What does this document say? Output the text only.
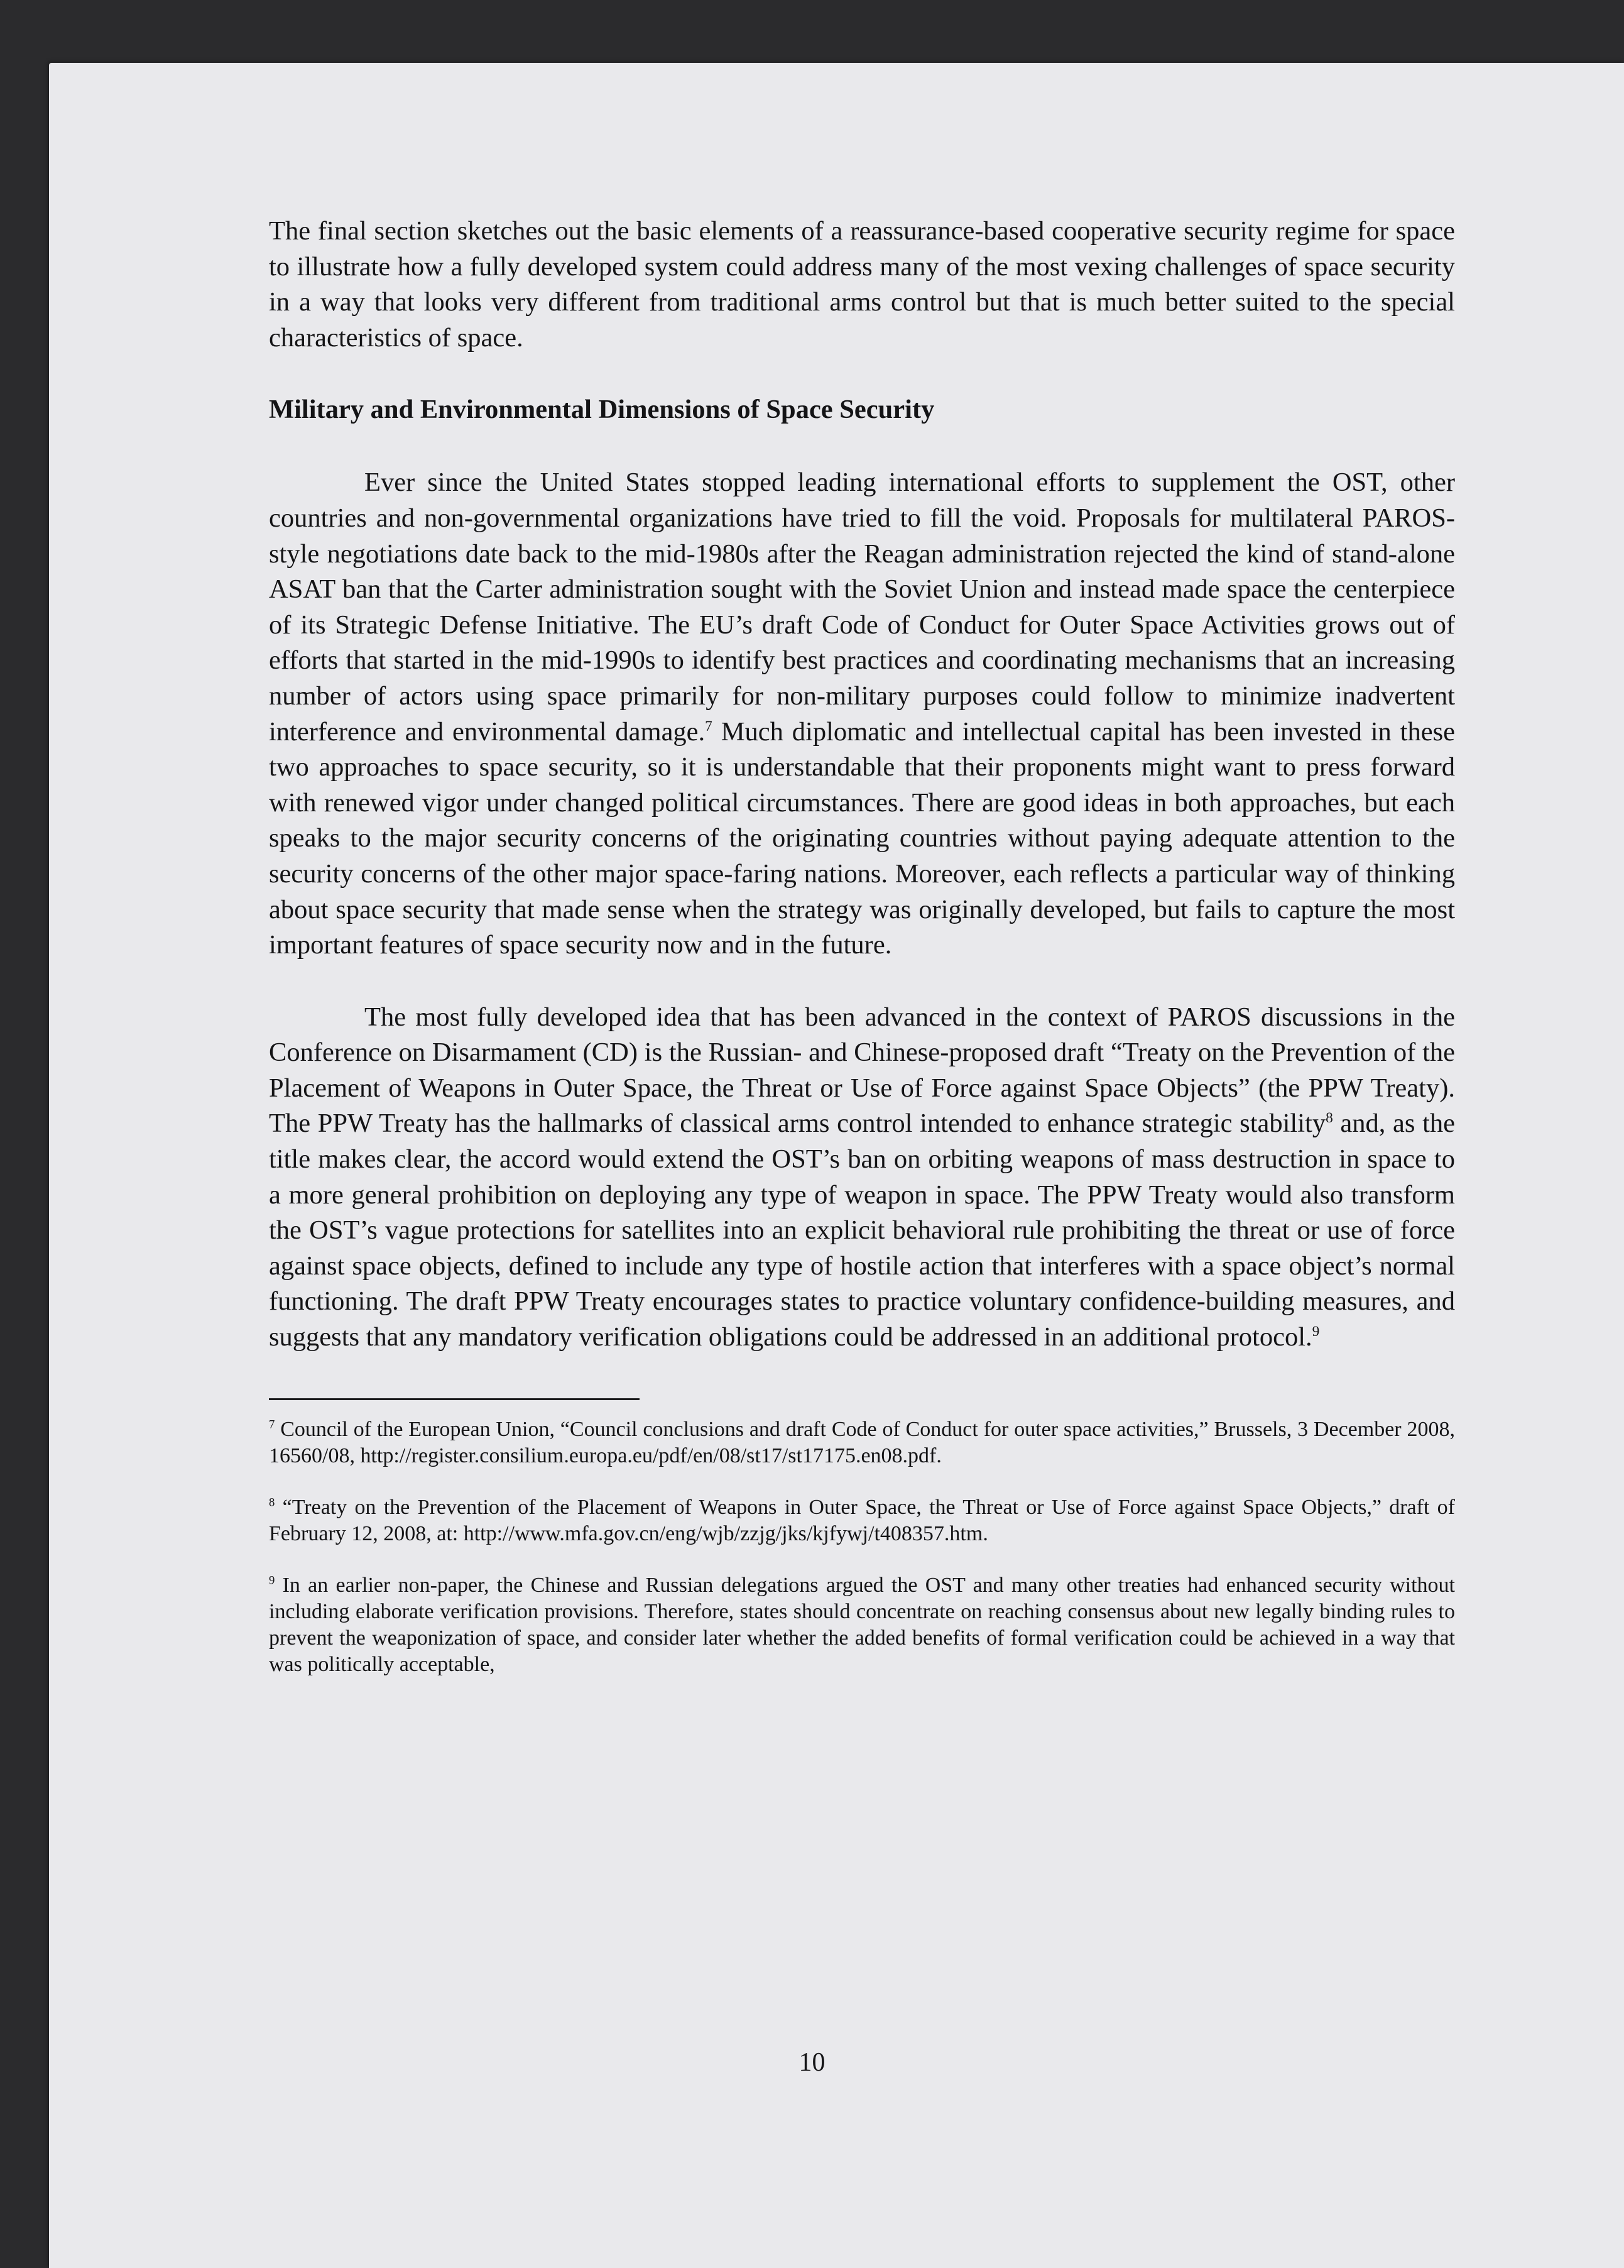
The final section sketches out the basic elements of a reassurance-based cooperative security regime for space to illustrate how a fully developed system could address many of the most vexing challenges of space security in a way that looks very different from traditional arms control but that is much better suited to the special characteristics of space.

Military and Environmental Dimensions of Space Security

Ever since the United States stopped leading international efforts to supplement the OST, other countries and non-governmental organizations have tried to fill the void. Proposals for multilateral PAROS-style negotiations date back to the mid-1980s after the Reagan administration rejected the kind of stand-alone ASAT ban that the Carter administration sought with the Soviet Union and instead made space the centerpiece of its Strategic Defense Initiative. The EU’s draft Code of Conduct for Outer Space Activities grows out of efforts that started in the mid-1990s to identify best practices and coordinating mechanisms that an increasing number of actors using space primarily for non-military purposes could follow to minimize inadvertent interference and environmental damage.$^7$ Much diplomatic and intellectual capital has been invested in these two approaches to space security, so it is understandable that their proponents might want to press forward with renewed vigor under changed political circumstances. There are good ideas in both approaches, but each speaks to the major security concerns of the originating countries without paying adequate attention to the security concerns of the other major space-faring nations. Moreover, each reflects a particular way of thinking about space security that made sense when the strategy was originally developed, but fails to capture the most important features of space security now and in the future.

The most fully developed idea that has been advanced in the context of PAROS discussions in the Conference on Disarmament (CD) is the Russian- and Chinese-proposed draft “Treaty on the Prevention of the Placement of Weapons in Outer Space, the Threat or Use of Force against Space Objects” (the PPW Treaty). The PPW Treaty has the hallmarks of classical arms control intended to enhance strategic stability$^8$ and, as the title makes clear, the accord would extend the OST’s ban on orbiting weapons of mass destruction in space to a more general prohibition on deploying any type of weapon in space. The PPW Treaty would also transform the OST’s vague protections for satellites into an explicit behavioral rule prohibiting the threat or use of force against space objects, defined to include any type of hostile action that interferes with a space object’s normal functioning. The draft PPW Treaty encourages states to practice voluntary confidence-building measures, and suggests that any mandatory verification obligations could be addressed in an additional protocol.$^9$

$^7$ Council of the European Union, “Council conclusions and draft Code of Conduct for outer space activities,” Brussels, 3 December 2008, 16560/08, http://register.consilium.europa.eu/pdf/en/08/st17/st17175.en08.pdf.

$^8$ “Treaty on the Prevention of the Placement of Weapons in Outer Space, the Threat or Use of Force against Space Objects,” draft of February 12, 2008, at: http://www.mfa.gov.cn/eng/wjb/zzjg/jks/kjfywj/t408357.htm.

$^9$ In an earlier non-paper, the Chinese and Russian delegations argued the OST and many other treaties had enhanced security without including elaborate verification provisions. Therefore, states should concentrate on reaching consensus about new legally binding rules to prevent the weaponization of space, and consider later whether the added benefits of formal verification could be achieved in a way that was politically acceptable,

10
